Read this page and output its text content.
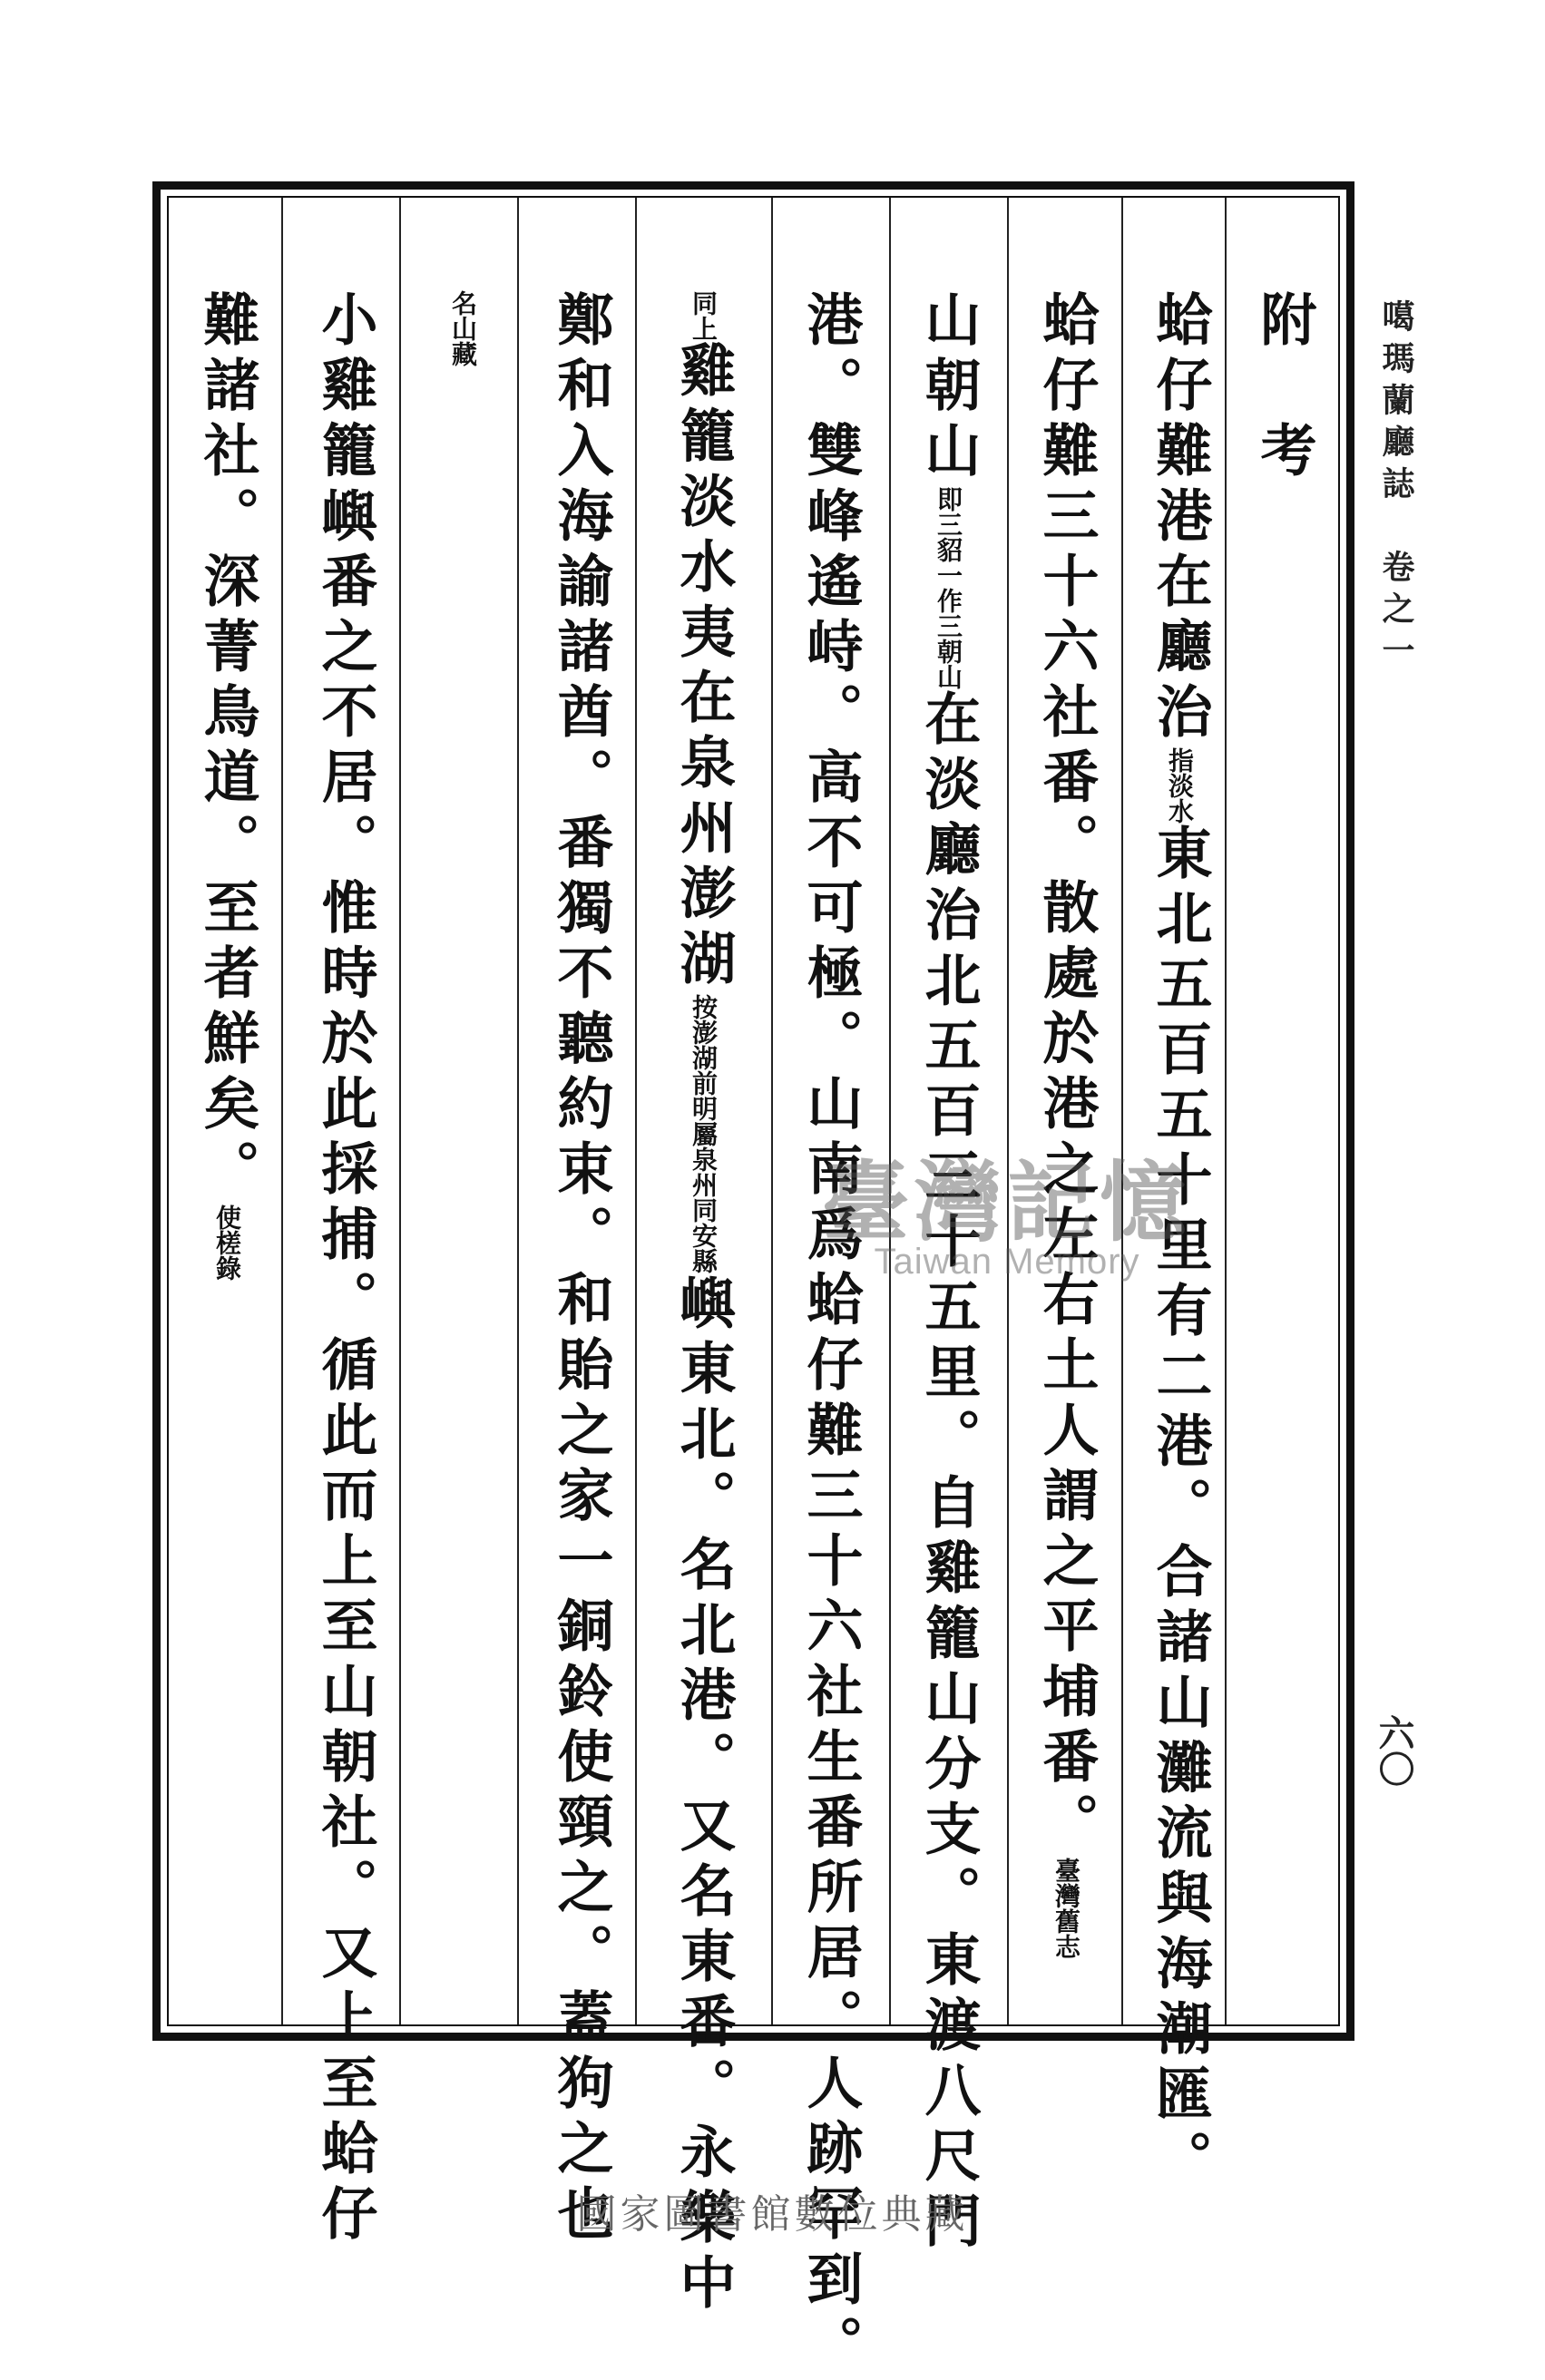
噶瑪蘭廳誌　卷之一
六〇
附　考
蛤仔難港在廳治指淡水東北五百五十里有二港。合諸山灘流與海潮匯。
蛤仔難三十六社番。散處於港之左右土人謂之平埔番。臺灣舊志
山朝山即三貂一作三朝山在淡廳治北五百三十五里。自雞籠山分支。東渡八尺門
港。雙峰遙峙。高不可極。山南爲蛤仔難三十六社生番所居。人跡罕到。
同上雞籠淡水夷在泉州澎湖按澎湖前明屬泉州同安縣嶼東北。名北港。又名東番。永樂中
鄭和入海諭諸酋。番獨不聽約束。和貽之家一銅鈴使頸之。蓋狗之也
名山藏
小雞籠嶼番之不居。惟時於此採捕。循此而上至山朝社。又上至蛤仔
難諸社。深菁鳥道。至者鮮矣。使槎錄	臺灣記憶
Taiwan Memory
國家圖書館數位典藏
